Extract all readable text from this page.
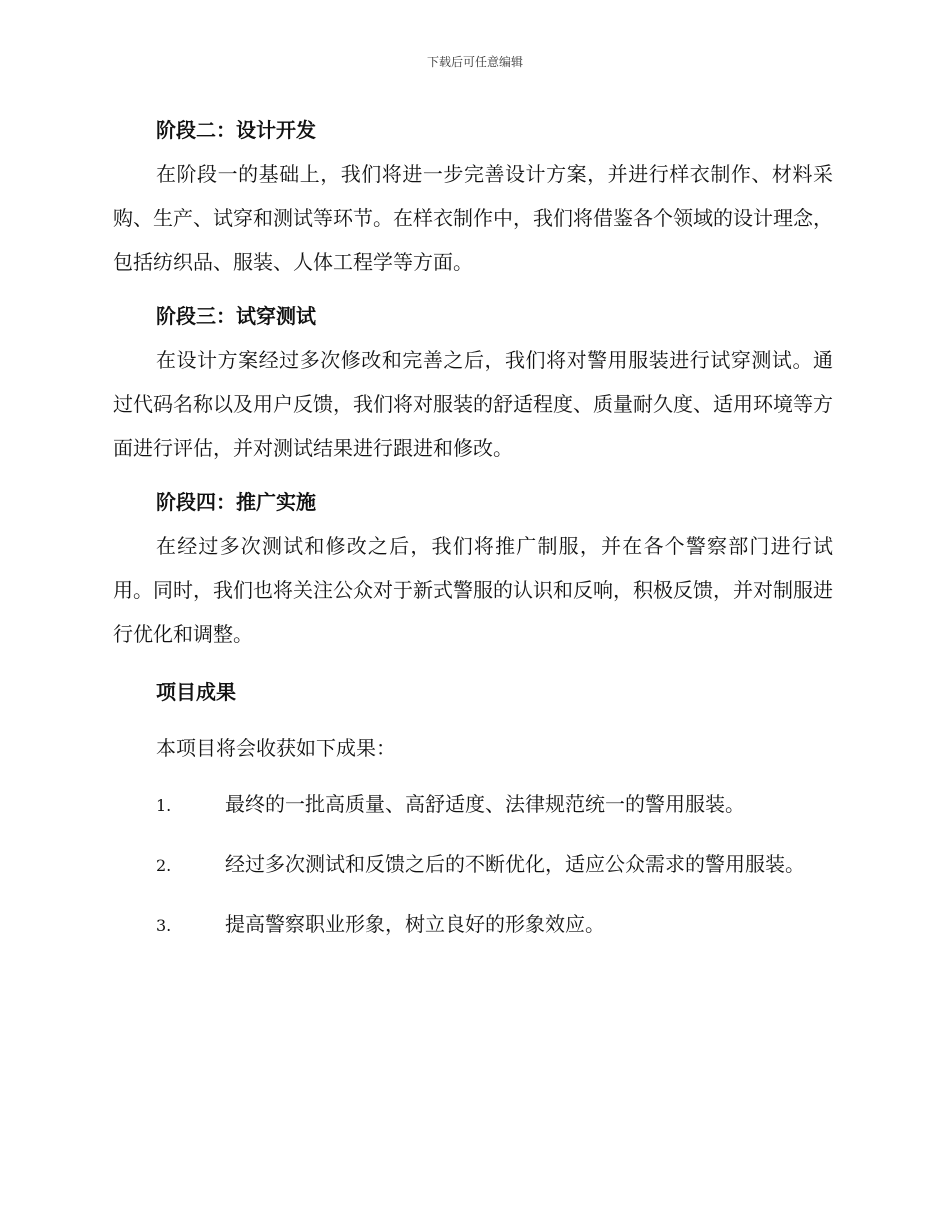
下载后可任意编辑
阶段二：设计开发

在阶段一的基础上，我们将进一步完善设计方案，并进行样衣制作、材料采购、生产、试穿和测试等环节。在样衣制作中，我们将借鉴各个领域的设计理念，包括纺织品、服装、人体工程学等方面。

阶段三：试穿测试

在设计方案经过多次修改和完善之后，我们将对警用服装进行试穿测试。通过代码名称以及用户反馈，我们将对服装的舒适程度、质量耐久度、适用环境等方面进行评估，并对测试结果进行跟进和修改。

阶段四：推广实施

在经过多次测试和修改之后，我们将推广制服，并在各个警察部门进行试用。同时，我们也将关注公众对于新式警服的认识和反响，积极反馈，并对制服进行优化和调整。

项目成果

本项目将会收获如下成果：

1.	最终的一批高质量、高舒适度、法律规范统一的警用服装。

2.	经过多次测试和反馈之后的不断优化，适应公众需求的警用服装。

3.	提高警察职业形象，树立良好的形象效应。
